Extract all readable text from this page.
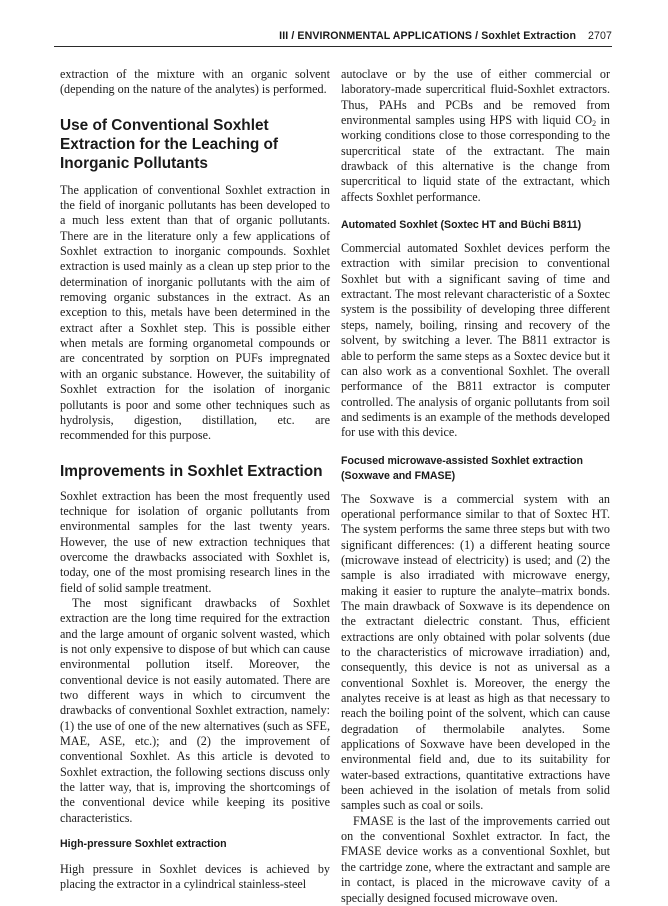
III / ENVIRONMENTAL APPLICATIONS / Soxhlet Extraction 2707

extraction of the mixture with an organic solvent (depending on the nature of the analytes) is performed.

Use of Conventional Soxhlet Extraction for the Leaching of Inorganic Pollutants

The application of conventional Soxhlet extraction in the field of inorganic pollutants has been developed to a much less extent than that of organic pollutants. There are in the literature only a few applications of Soxhlet extraction to inorganic compounds. Soxhlet extraction is used mainly as a clean up step prior to the determination of inorganic pollutants with the aim of removing organic substances in the extract. As an exception to this, metals have been determined in the extract after a Soxhlet step. This is possible either when metals are forming organometal compounds or are concentrated by sorption on PUFs impregnated with an organic substance. However, the suitability of Soxhlet extraction for the isolation of inorganic pollutants is poor and some other techniques such as hydrolysis, digestion, distillation, etc. are recommended for this purpose.

Improvements in Soxhlet Extraction

Soxhlet extraction has been the most frequently used technique for isolation of organic pollutants from environmental samples for the last twenty years. However, the use of new extraction techniques that overcome the drawbacks associated with Soxhlet is, today, one of the most promising research lines in the field of solid sample treatment.

The most significant drawbacks of Soxhlet extraction are the long time required for the extraction and the large amount of organic solvent wasted, which is not only expensive to dispose of but which can cause environmental pollution itself. Moreover, the conventional device is not easily automated. There are two different ways in which to circumvent the drawbacks of conventional Soxhlet extraction, namely: (1) the use of one of the new alternatives (such as SFE, MAE, ASE, etc.); and (2) the improvement of conventional Soxhlet. As this article is devoted to Soxhlet extraction, the following sections discuss only the latter way, that is, improving the shortcomings of the conventional device while keeping its positive characteristics.

High-pressure Soxhlet extraction

High pressure in Soxhlet devices is achieved by placing the extractor in a cylindrical stainless-steel

autoclave or by the use of either commercial or laboratory-made supercritical fluid-Soxhlet extractors. Thus, PAHs and PCBs and be removed from environmental samples using HPS with liquid $CO_2$ in working conditions close to those corresponding to the supercritical state of the extractant. The main drawback of this alternative is the change from supercritical to liquid state of the extractant, which affects Soxhlet performance.

Automated Soxhlet (Soxtec HT and Büchi B811)

Commercial automated Soxhlet devices perform the extraction with similar precision to conventional Soxhlet but with a significant saving of time and extractant. The most relevant characteristic of a Soxtec system is the possibility of developing three different steps, namely, boiling, rinsing and recovery of the solvent, by switching a lever. The B811 extractor is able to perform the same steps as a Soxtec device but it can also work as a conventional Soxhlet. The overall performance of the B811 extractor is computer controlled. The analysis of organic pollutants from soil and sediments is an example of the methods developed for use with this device.

Focused microwave-assisted Soxhlet extraction (Soxwave and FMASE)

The Soxwave is a commercial system with an operational performance similar to that of Soxtec HT. The system performs the same three steps but with two significant differences: (1) a different heating source (microwave instead of electricity) is used; and (2) the sample is also irradiated with microwave energy, making it easier to rupture the analyte–matrix bonds. The main drawback of Soxwave is its dependence on the extractant dielectric constant. Thus, efficient extractions are only obtained with polar solvents (due to the characteristics of microwave irradiation) and, consequently, this device is not as universal as a conventional Soxhlet is. Moreover, the energy the analytes receive is at least as high as that necessary to reach the boiling point of the solvent, which can cause degradation of thermolabile analytes. Some applications of Soxwave have been developed in the environmental field and, due to its suitability for water-based extractions, quantitative extractions have been achieved in the isolation of metals from solid samples such as coal or soils.

FMASE is the last of the improvements carried out on the conventional Soxhlet extractor. In fact, the FMASE device works as a conventional Soxhlet, but the cartridge zone, where the extractant and sample are in contact, is placed in the microwave cavity of a specially designed focused microwave oven.
